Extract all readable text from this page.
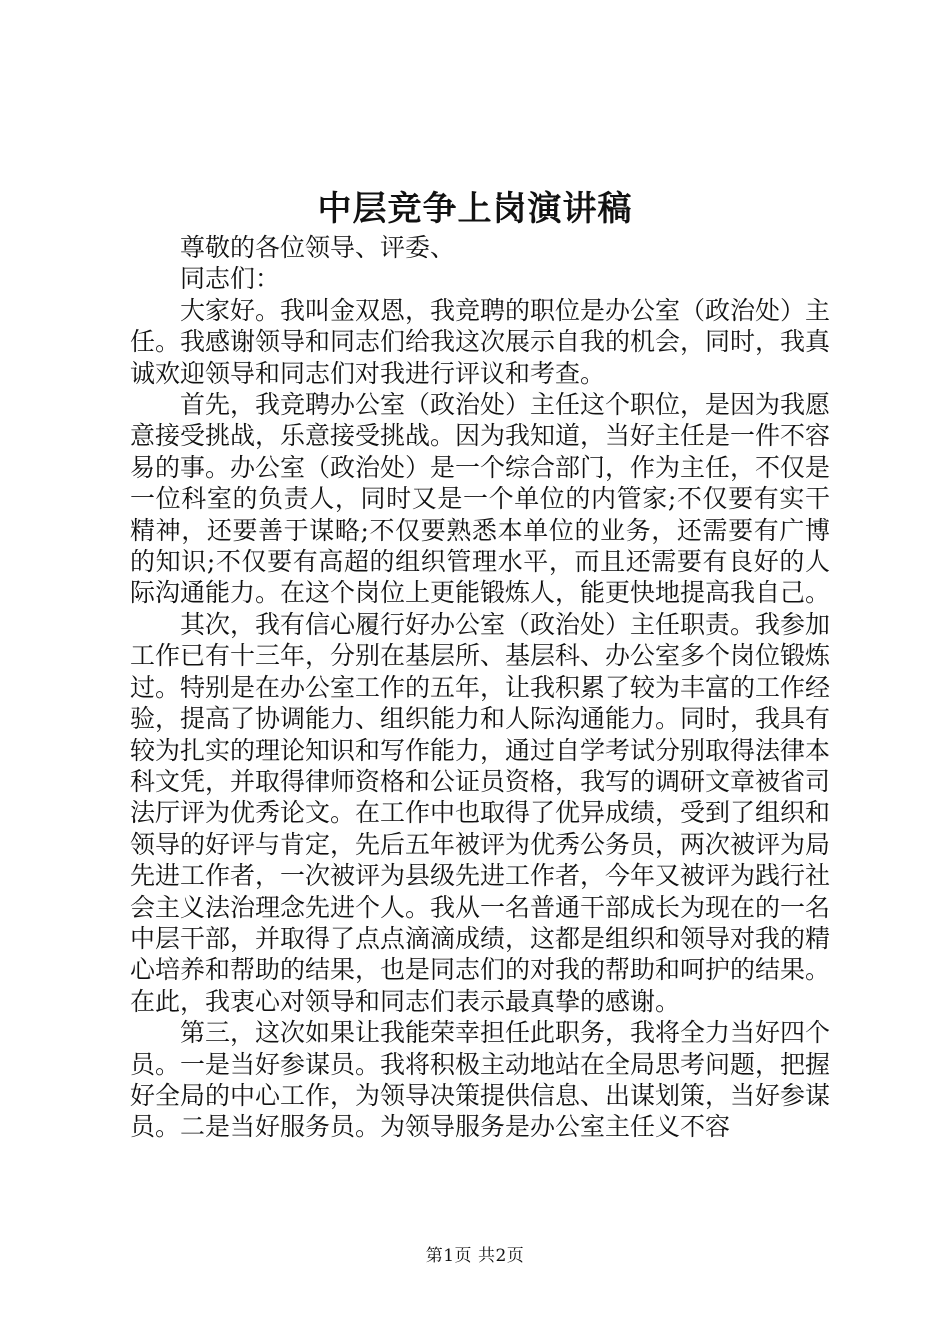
中层竞争上岗演讲稿

尊敬的各位领导、评委、

同志们：

大家好。我叫金双恩，我竞聘的职位是办公室（政治处）主任。我感谢领导和同志们给我这次展示自我的机会，同时，我真诚欢迎领导和同志们对我进行评议和考查。

首先，我竞聘办公室（政治处）主任这个职位，是因为我愿意接受挑战，乐意接受挑战。因为我知道，当好主任是一件不容易的事。办公室（政治处）是一个综合部门，作为主任，不仅是一位科室的负责人，同时又是一个单位的内管家;不仅要有实干精神，还要善于谋略;不仅要熟悉本单位的业务，还需要有广博的知识;不仅要有高超的组织管理水平，而且还需要有良好的人际沟通能力。在这个岗位上更能锻炼人，能更快地提高我自己。

其次，我有信心履行好办公室（政治处）主任职责。我参加工作已有十三年，分别在基层所、基层科、办公室多个岗位锻炼过。特别是在办公室工作的五年，让我积累了较为丰富的工作经验，提高了协调能力、组织能力和人际沟通能力。同时，我具有较为扎实的理论知识和写作能力，通过自学考试分别取得法律本科文凭，并取得律师资格和公证员资格，我写的调研文章被省司法厅评为优秀论文。在工作中也取得了优异成绩，受到了组织和领导的好评与肯定，先后五年被评为优秀公务员，两次被评为局先进工作者，一次被评为县级先进工作者，今年又被评为践行社会主义法治理念先进个人。我从一名普通干部成长为现在的一名中层干部，并取得了点点滴滴成绩，这都是组织和领导对我的精心培养和帮助的结果，也是同志们的对我的帮助和呵护的结果。在此，我衷心对领导和同志们表示最真挚的感谢。

第三，这次如果让我能荣幸担任此职务，我将全力当好四个员。一是当好参谋员。我将积极主动地站在全局思考问题，把握好全局的中心工作，为领导决策提供信息、出谋划策，当好参谋员。二是当好服务员。为领导服务是办公室主任义不容

第1页 共2页
